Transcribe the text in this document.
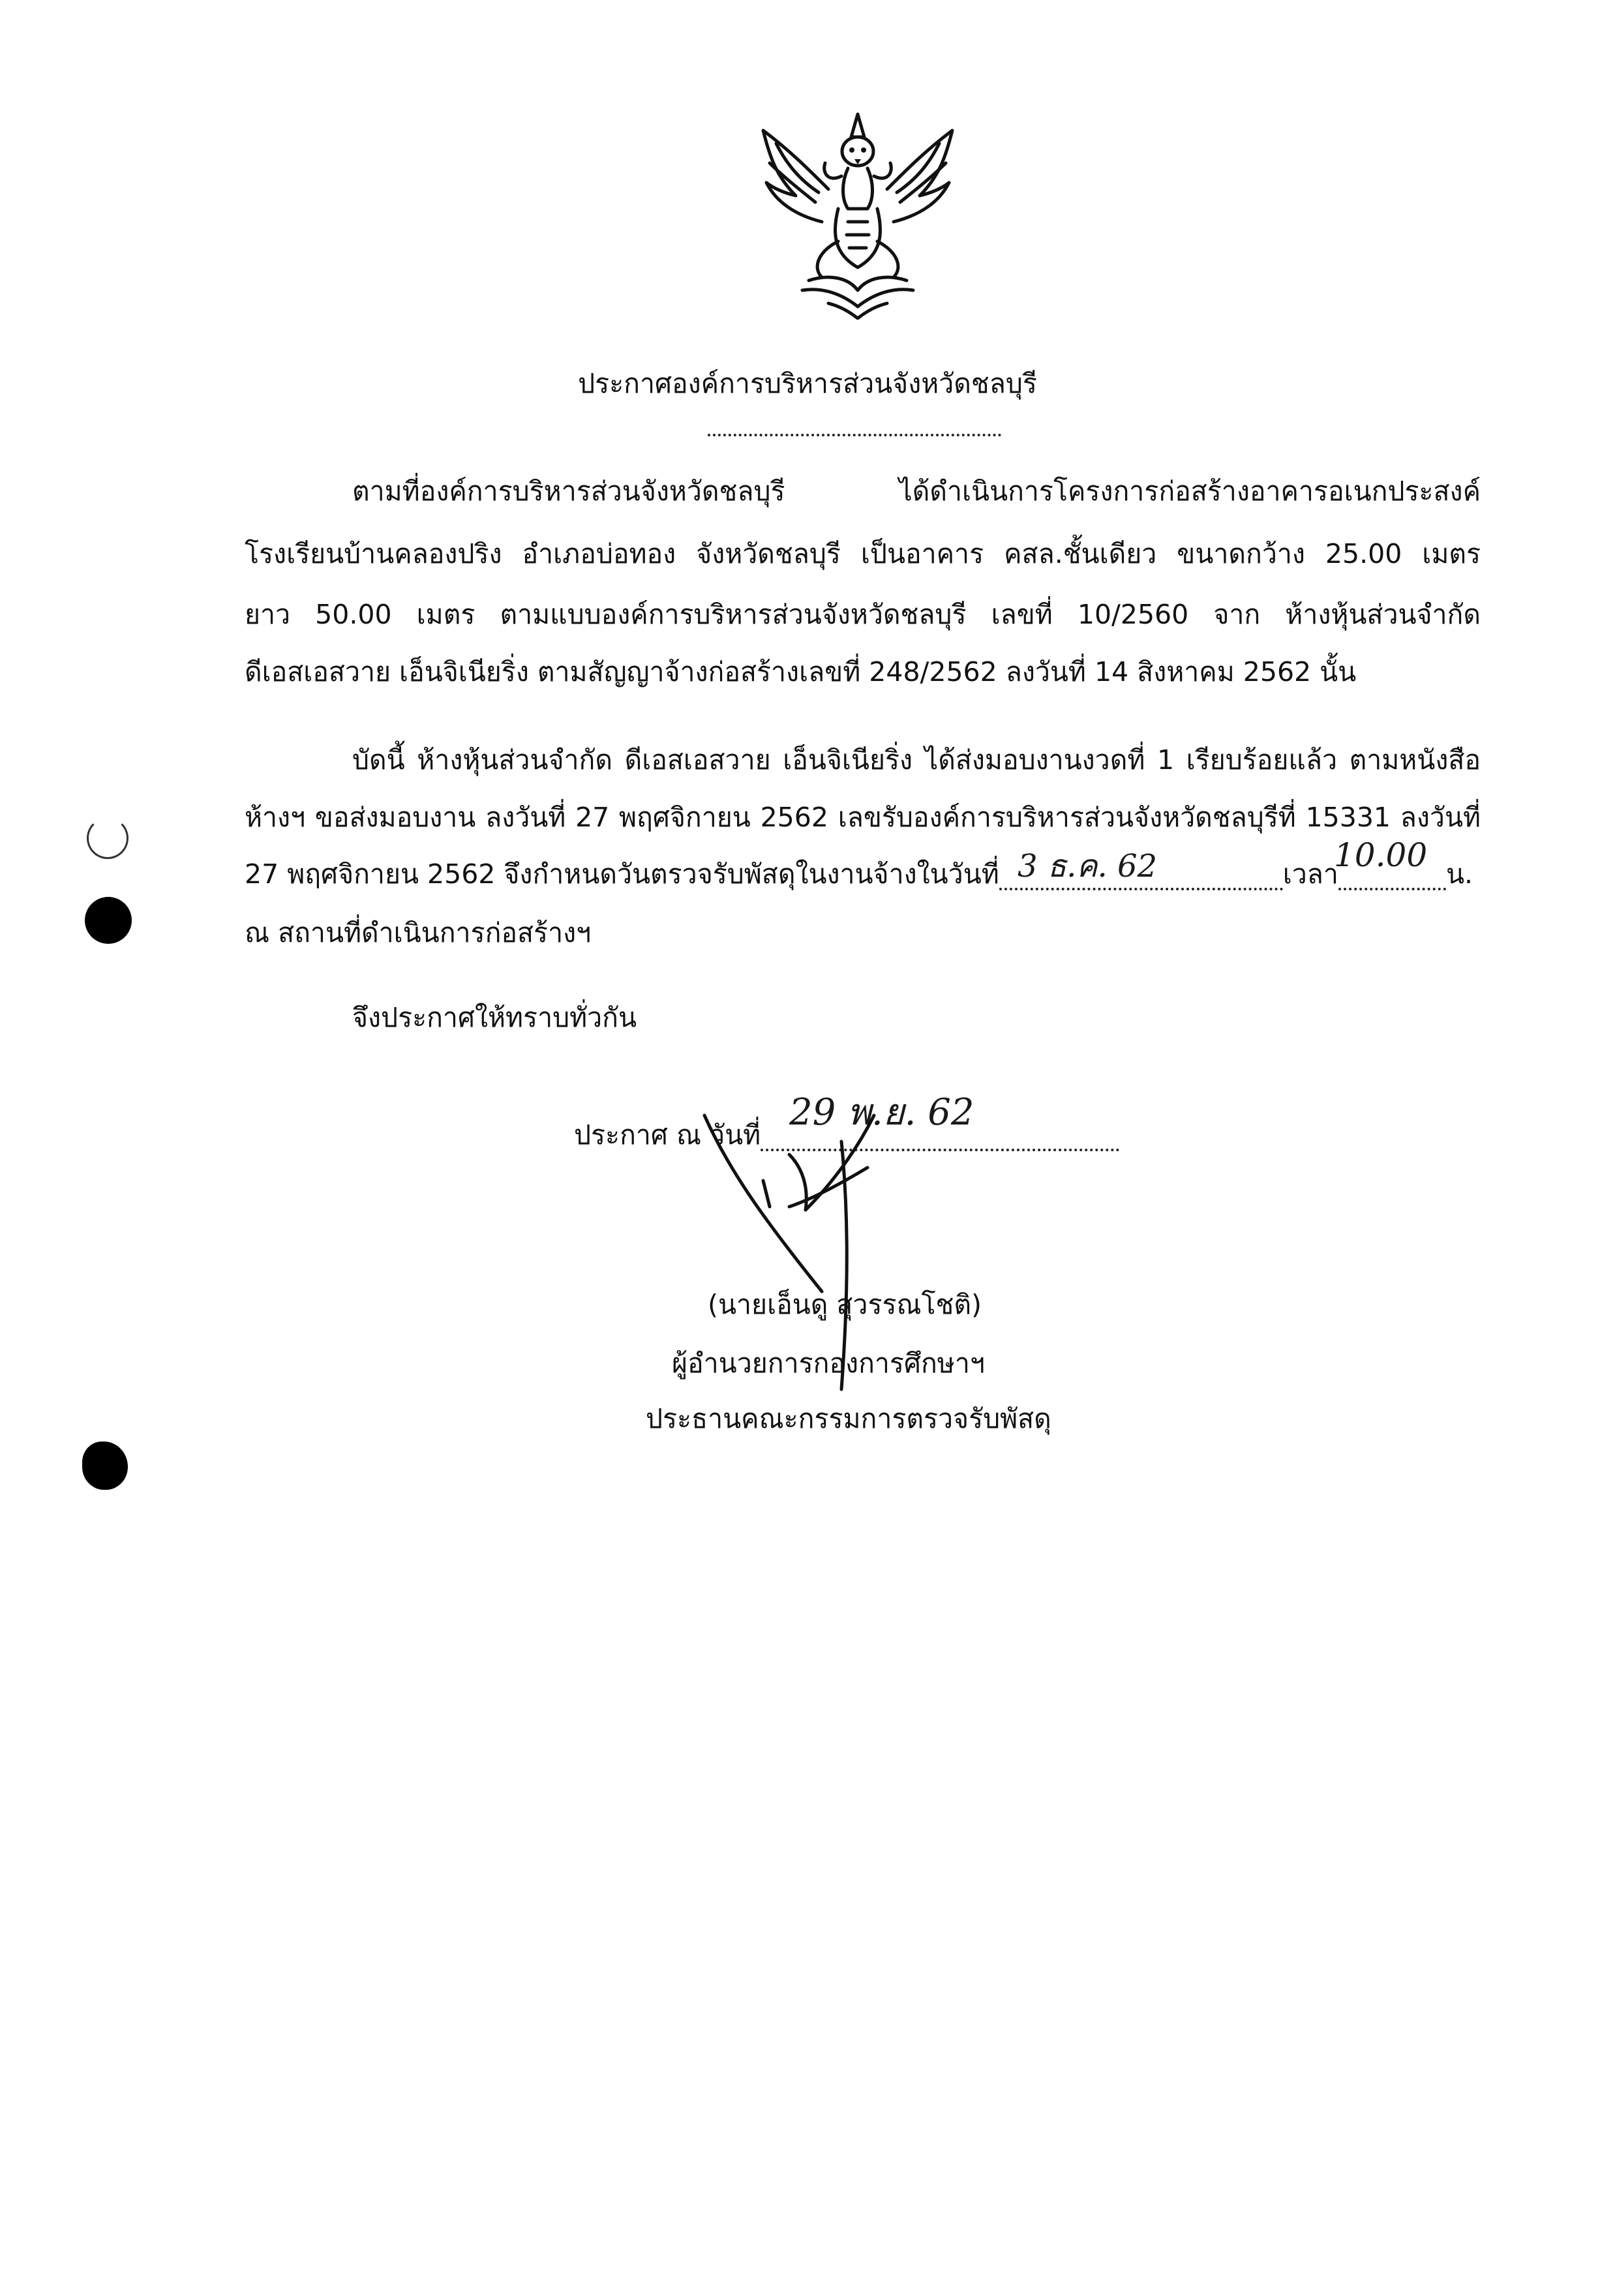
ประกาศองค์การบริหารส่วนจังหวัดชลบุรี
ตามที่องค์การบริหารส่วนจังหวัดชลบุรี ได้ดำเนินการโครงการก่อสร้างอาคารอเนกประสงค์
โรงเรียนบ้านคลองปริง อำเภอบ่อทอง จังหวัดชลบุรี เป็นอาคาร คสล.ชั้นเดียว ขนาดกว้าง 25.00 เมตร
ยาว 50.00 เมตร ตามแบบองค์การบริหารส่วนจังหวัดชลบุรี เลขที่ 10/2560 จาก ห้างหุ้นส่วนจำกัด
ดีเอสเอสวาย เอ็นจิเนียริ่ง ตามสัญญาจ้างก่อสร้างเลขที่ 248/2562 ลงวันที่ 14 สิงหาคม 2562 นั้น
บัดนี้ ห้างหุ้นส่วนจำกัด ดีเอสเอสวาย เอ็นจิเนียริ่ง ได้ส่งมอบงานงวดที่ 1 เรียบร้อยแล้ว ตามหนังสือ
ห้างฯ ขอส่งมอบงาน ลงวันที่ 27 พฤศจิกายน 2562 เลขรับองค์การบริหารส่วนจังหวัดชลบุรีที่ 15331 ลงวันที่
27 พฤศจิกายน 2562 จึงกำหนดวันตรวจรับพัสดุในงานจ้างในวันที่	เวลา	น.
3 ธ.ค. 62	10.00
ณ สถานที่ดำเนินการก่อสร้างฯ
จึงประกาศให้ทราบทั่วกัน
ประกาศ ณ วันที่
29 พ.ย. 62
(นายเอ็นดู สุวรรณโชติ)
ผู้อำนวยการกองการศึกษาฯ
ประธานคณะกรรมการตรวจรับพัสดุ
